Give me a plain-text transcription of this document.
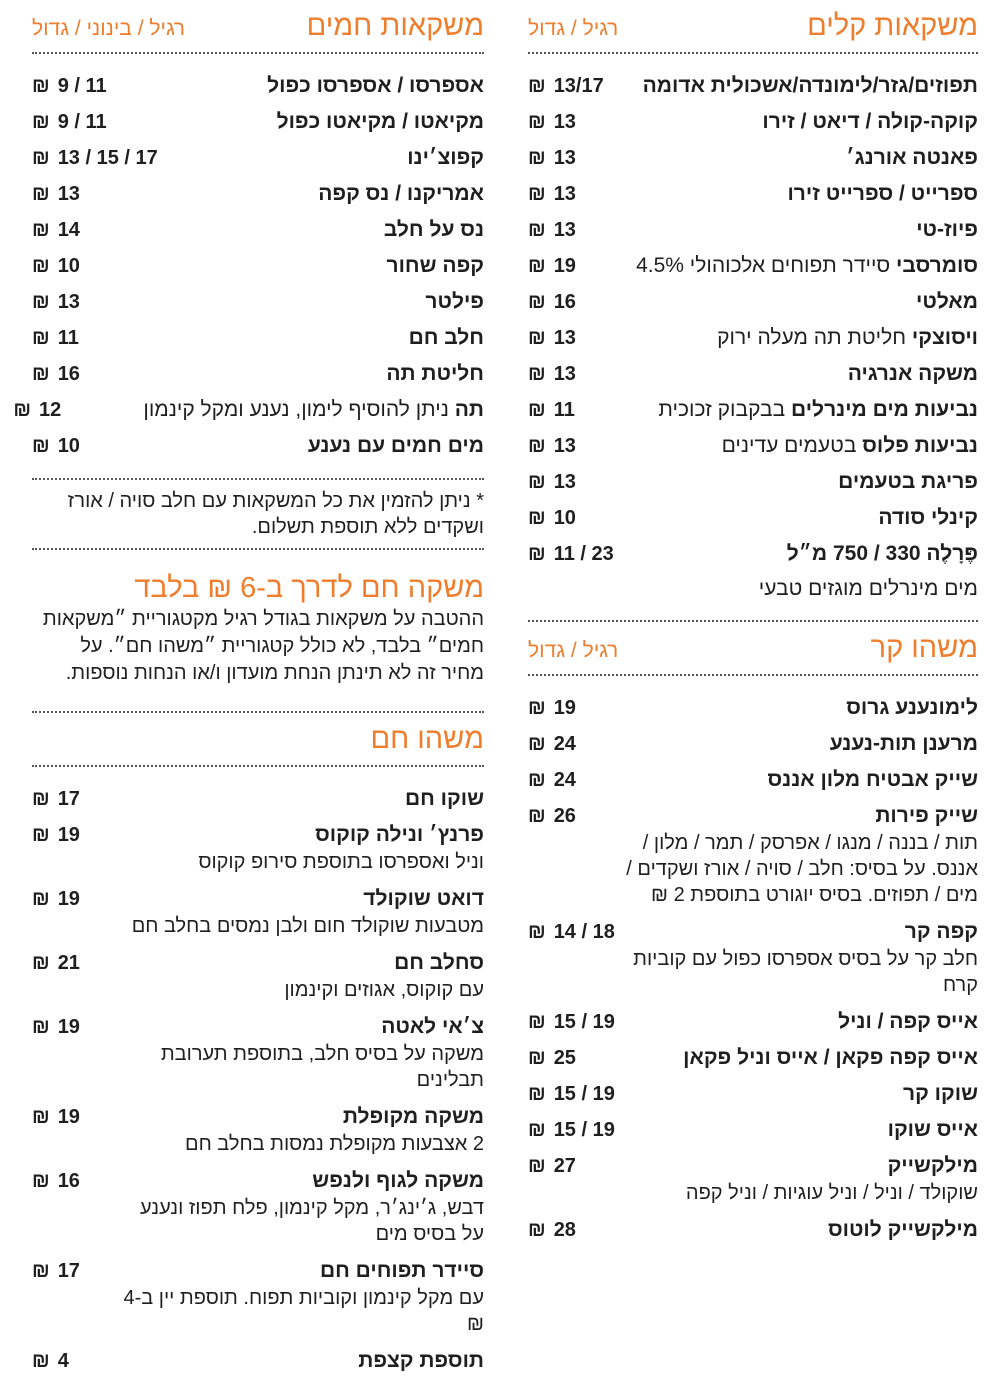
משקאות קלים
רגיל / גדול
תפוזים/גזר/לימונדה/אשכולית אדומה
₪ 13/17
קוקה-קולה / דיאט / זירו
₪ 13
פאנטה אורנג׳
₪ 13
ספרייט / ספרייט זירו
₪ 13
פיוז-טי
₪ 13
סומרסבי סיידר תפוחים אלכוהולי 4.5%
₪ 19
מאלטי
₪ 16
ויסוצקי חליטת תה מעלה ירוק
₪ 13
משקה אנרגיה
₪ 13
נביעות מים מינרלים בבקבוק זכוכית
₪ 11
נביעות פלוס בטעמים עדינים
₪ 13
פריגת בטעמים
₪ 13
קינלי סודה
₪ 10
פֶּרָלֶה 330 / 750 מ״ל
₪ 11 / 23
מים מינרלים מוגזים טבעי
משהו קר
רגיל / גדול
לימונענע גרוס
₪ 19
מרענן תות-נענע
₪ 24
שייק אבטיח מלון אננס
₪ 24
שייק פירות
תות / בננה / מנגו / אפרסק / תמר / מלון / אננס. על בסיס: חלב / סויה / אורז ושקדים / מים / תפוזים. בסיס יוגורט בתוספת 2 ₪
₪ 26
קפה קר
חלב קר על בסיס אספרסו כפול עם קוביות קרח
₪ 14 / 18
אייס קפה / וניל
₪ 15 / 19
אייס קפה פקאן / אייס וניל פקאן
₪ 25
שוקו קר
₪ 15 / 19
אייס שוקו
₪ 15 / 19
מילקשייק
שוקולד / וניל / וניל עוגיות / וניל קפה
₪ 27
מילקשייק לוטוס
₪ 28
משקאות חמים
רגיל / בינוני / גדול
אספרסו / אספרסו כפול
₪ 9 / 11
מקיאטו / מקיאטו כפול
₪ 9 / 11
קפוצ׳ינו
₪ 13 / 15 / 17
אמריקנו / נס קפה
₪ 13
נס על חלב
₪ 14
קפה שחור
₪ 10
פילטר
₪ 13
חלב חם
₪ 11
חליטת תה
₪ 16
תה ניתן להוסיף לימון, נענע ומקל קינמון
₪ 12
מים חמים עם נענע
₪ 10
* ניתן להזמין את כל המשקאות עם חלב סויה / אורז ושקדים ללא תוספת תשלום.
משקה חם לדרך ב-6 ₪ בלבד
ההטבה על משקאות בגודל רגיל מקטגוריית ״משקאות חמים״ בלבד, לא כולל קטגוריית ״משהו חם״. על מחיר זה לא תינתן הנחת מועדון ו/או הנחות נוספות.
משהו חם
שוקו חם
₪ 17
פרנץ׳ ונילה קוקוס
וניל ואספרסו בתוספת סירופ קוקוס
₪ 19
דואט שוקולד
מטבעות שוקולד חום ולבן נמסים בחלב חם
₪ 19
סחלב חם
עם קוקוס, אגוזים וקינמון
₪ 21
צ׳אי לאטה
משקה על בסיס חלב, בתוספת תערובת תבלינים
₪ 19
משקה מקופלת
2 אצבעות מקופלת נמסות בחלב חם
₪ 19
משקה לגוף ולנפש
דבש, ג׳ינג׳ר, מקל קינמון, פלח תפוז ונענע על בסיס מים
₪ 16
סיידר תפוחים חם
עם מקל קינמון וקוביות תפוח. תוספת יין ב-4 ₪
₪ 17
תוספת קצפת
₪ 4
